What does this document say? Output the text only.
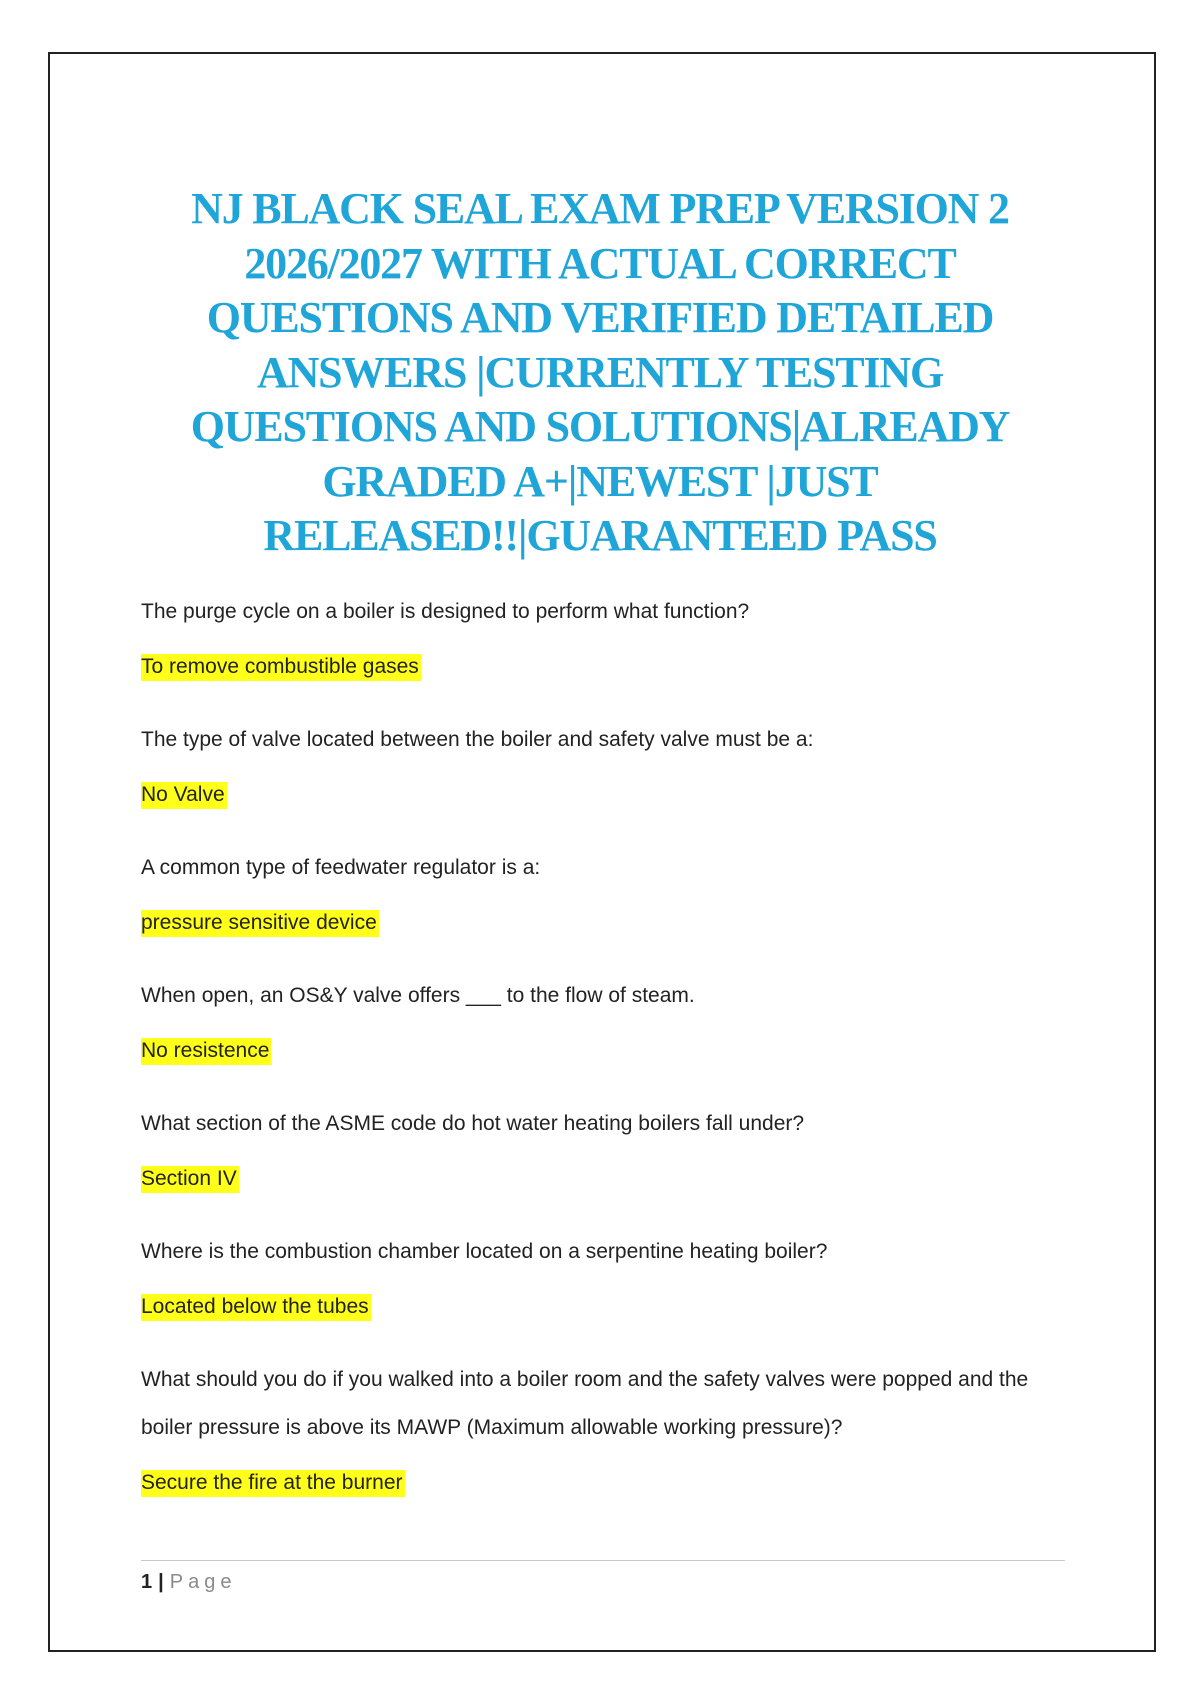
NJ BLACK SEAL EXAM PREP VERSION 2 2026/2027 WITH ACTUAL CORRECT QUESTIONS AND VERIFIED DETAILED ANSWERS |CURRENTLY TESTING QUESTIONS AND SOLUTIONS|ALREADY GRADED A+|NEWEST |JUST RELEASED!!|GUARANTEED PASS

The purge cycle on a boiler is designed to perform what function?

To remove combustible gases

The type of valve located between the boiler and safety valve must be a:

No Valve

A common type of feedwater regulator is a:

pressure sensitive device

When open, an OS&Y valve offers ___ to the flow of steam.

No resistence

What section of the ASME code do hot water heating boilers fall under?

Section IV

Where is the combustion chamber located on a serpentine heating boiler?

Located below the tubes

What should you do if you walked into a boiler room and the safety valves were popped and the boiler pressure is above its MAWP (Maximum allowable working pressure)?

Secure the fire at the burner

1 | Page
